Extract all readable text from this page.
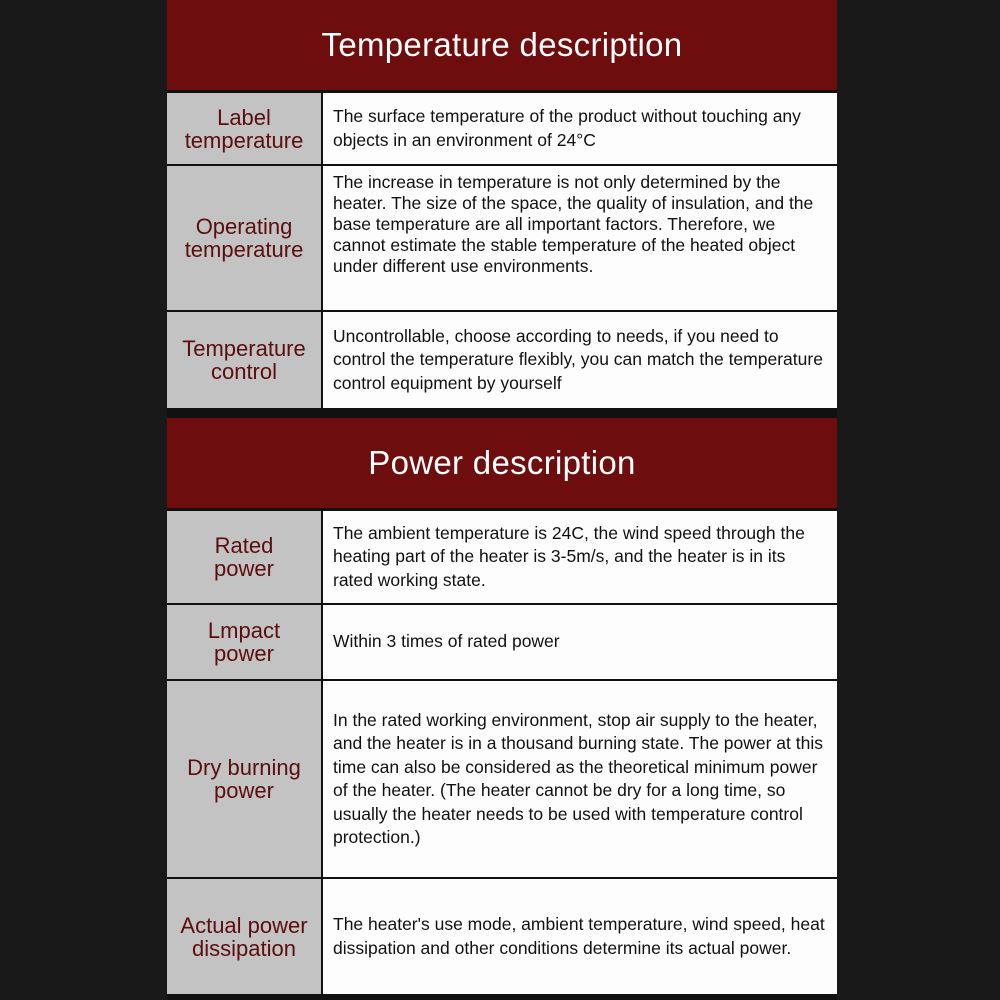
Temperature description
Label
temperature
The surface temperature of the product without touching any objects in an environment of 24°C
Operating
temperature
The increase in temperature is not only determined by the heater. The size of the space, the quality of insulation, and the base temperature are all important factors. Therefore, we cannot estimate the stable temperature of the heated object under different use environments.
Temperature
control
Uncontrollable, choose according to needs, if you need to control the temperature flexibly, you can match the temperature control equipment by yourself
Power description
Rated
power
The ambient temperature is 24C, the wind speed through the heating part of the heater is 3-5m/s, and the heater is in its rated working state.
Lmpact
power	Within 3 times of rated power
Dry burning
power
In the rated working environment, stop air supply to the heater, and the heater is in a thousand burning state. The power at this time can also be considered as the theoretical minimum power of the heater. (The heater cannot be dry for a long time, so usually the heater needs to be used with temperature control protection.)
Actual power
dissipation
The heater's use mode, ambient temperature, wind speed, heat dissipation and other conditions determine its actual power.
